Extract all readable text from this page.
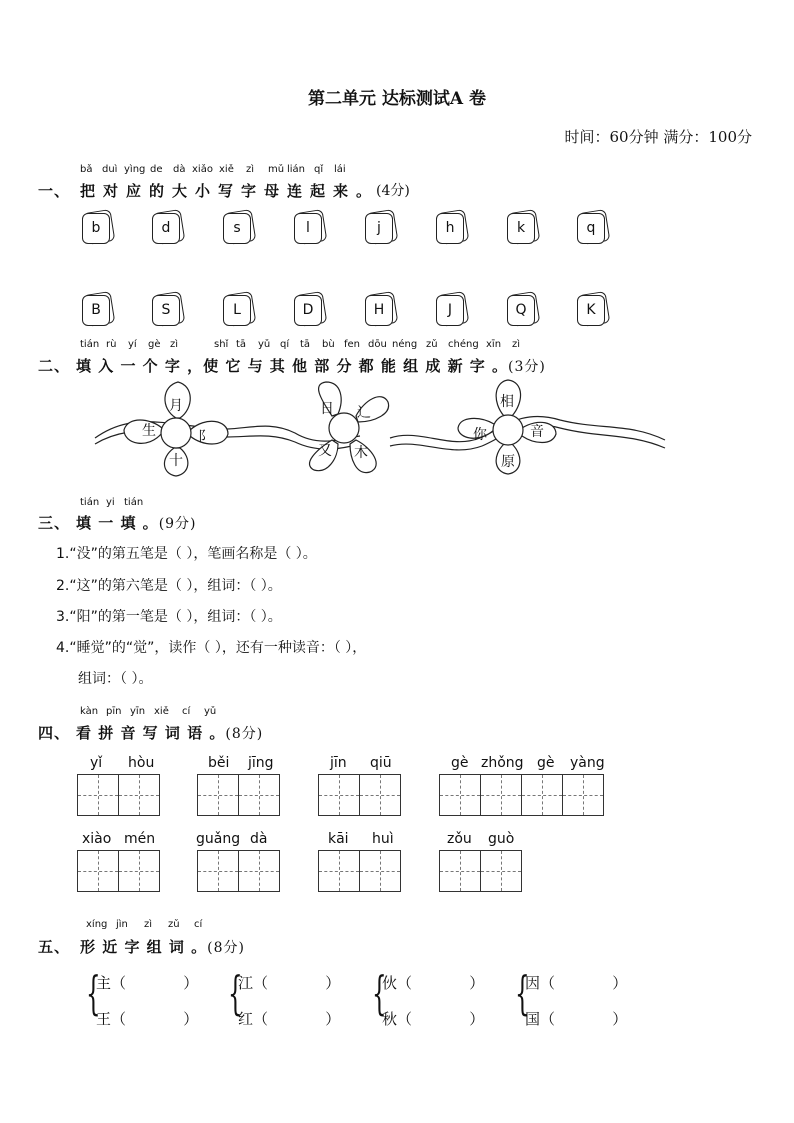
第二单元 达标测试A 卷
时间：60分钟 满分：100分
bǎ duì yìng de dà xiǎo xiě zì mǔ lián qǐ lái
一、 把 对 应 的 大 小 写 字 母 连 起 来 。 (4分)
b	d	s	l	j	h	k	q
B	S	L	D	H	J	Q	K
tián rù yí gè zì	shǐ tā yǔ qí tā bù fen dōu néng zǔ chéng xīn zì
二、 填 入 一 个 字 ，使 它 与 其 他 部 分 都 能 组 成 新 字 。(3分)
月
生	阝
十
日 辶
又 木
相
你	音
原
tián yi tián
三、 填 一 填 。(9分)
1.“没”的第五笔是（ ），笔画名称是（ ）。
2.“这”的第六笔是（ ），组词：（ ）。
3.“阳”的第一笔是（ ），组词：（ ）。
4.“睡觉”的“觉”，读作（ ），还有一种读音：（ ），
组词：（ ）。
kàn pīn yīn xiě cí yǔ
四、 看 拼 音 写 词 语 。(8分)
yǐ hòu	běi jīng	jīn qiū	gè zhǒng gè yàng
xiào mén	guǎng dà	kāi huì	zǒu guò
xíng jìn zì zǔ cí
五、 形 近 字 组 词 。(8分)
{
主（            ）
王（            ） {
江（            ）
红（            ） {
伙（            ）
秋（            ） {
因（            ）
国（            ）
